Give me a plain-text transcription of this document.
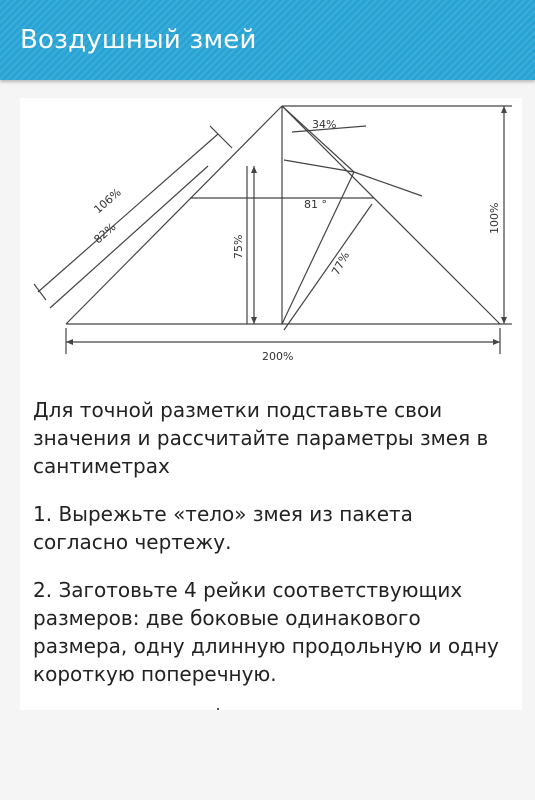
Воздушный змей
34%
81 °
106%
82%
75%
77%
100%
200%

Для точной разметки подставьте свои значения и рассчитайте параметры змея в сантиметрах

1. Вырежьте «тело» змея из пакета согласно чертежу.

2. Заготовьте 4 рейки соответствующих размеров: две боковые одинакового размера, одну длинную продольную и одну короткую поперечную.
